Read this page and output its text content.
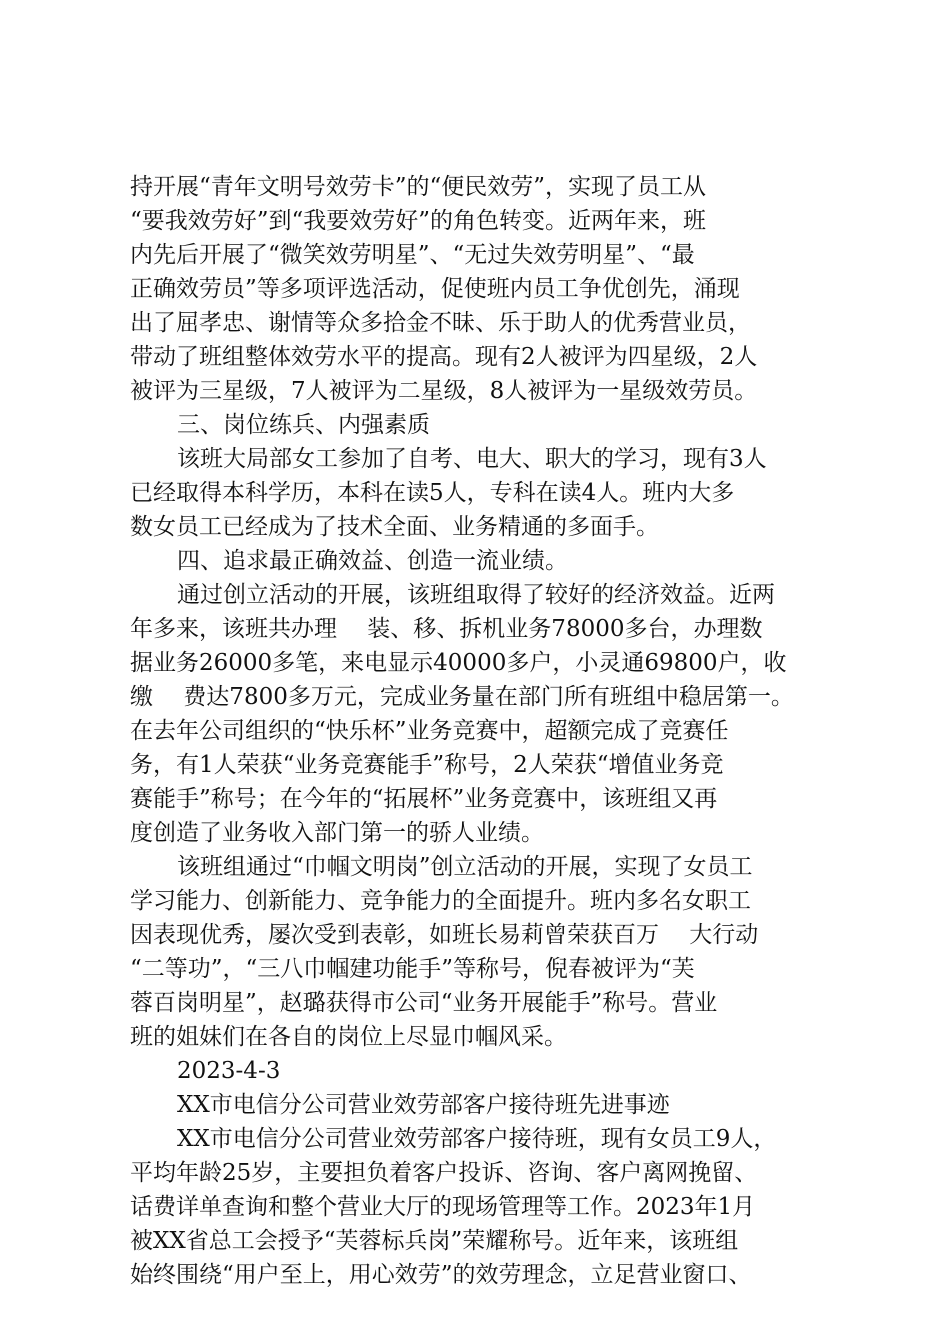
持开展“青年文明号效劳卡”的“便民效劳”，实现了员工从
“要我效劳好”到“我要效劳好”的角色转变。近两年来，班
内先后开展了“微笑效劳明星”、“无过失效劳明星”、“最
正确效劳员”等多项评选活动，促使班内员工争优创先，涌现
出了屈孝忠、谢情等众多拾金不昧、乐于助人的优秀营业员，
带动了班组整体效劳水平的提高。现有2人被评为四星级，2人
被评为三星级，7人被评为二星级，8人被评为一星级效劳员。
三、岗位练兵、内强素质
该班大局部女工参加了自考、电大、职大的学习，现有3人
已经取得本科学历，本科在读5人，专科在读4人。班内大多
数女员工已经成为了技术全面、业务精通的多面手。
四、追求最正确效益、创造一流业绩。
通过创立活动的开展，该班组取得了较好的经济效益。近两
年多来，该班共办理　 装、移、拆机业务78000多台，办理数
据业务26000多笔，来电显示40000多户，小灵通69800户，收
缴　 费达7800多万元，完成业务量在部门所有班组中稳居第一。
在去年公司组织的“快乐杯”业务竞赛中，超额完成了竞赛任
务，有1人荣获“业务竞赛能手”称号，2人荣获“增值业务竞
赛能手”称号；在今年的“拓展杯”业务竞赛中，该班组又再
度创造了业务收入部门第一的骄人业绩。
该班组通过“巾帼文明岗”创立活动的开展，实现了女员工
学习能力、创新能力、竞争能力的全面提升。班内多名女职工
因表现优秀，屡次受到表彰，如班长易莉曾荣获百万　 大行动
“二等功”，“三八巾帼建功能手”等称号，倪春被评为“芙
蓉百岗明星”，赵璐获得市公司“业务开展能手”称号。营业
班的姐妹们在各自的岗位上尽显巾帼风采。
2023-4-3
XX市电信分公司营业效劳部客户接待班先进事迹
XX市电信分公司营业效劳部客户接待班，现有女员工9人，
平均年龄25岁，主要担负着客户投诉、咨询、客户离网挽留、
话费详单查询和整个营业大厅的现场管理等工作。2023年1月
被XX省总工会授予“芙蓉标兵岗”荣耀称号。近年来，该班组
始终围绕“用户至上，用心效劳”的效劳理念，立足营业窗口、
